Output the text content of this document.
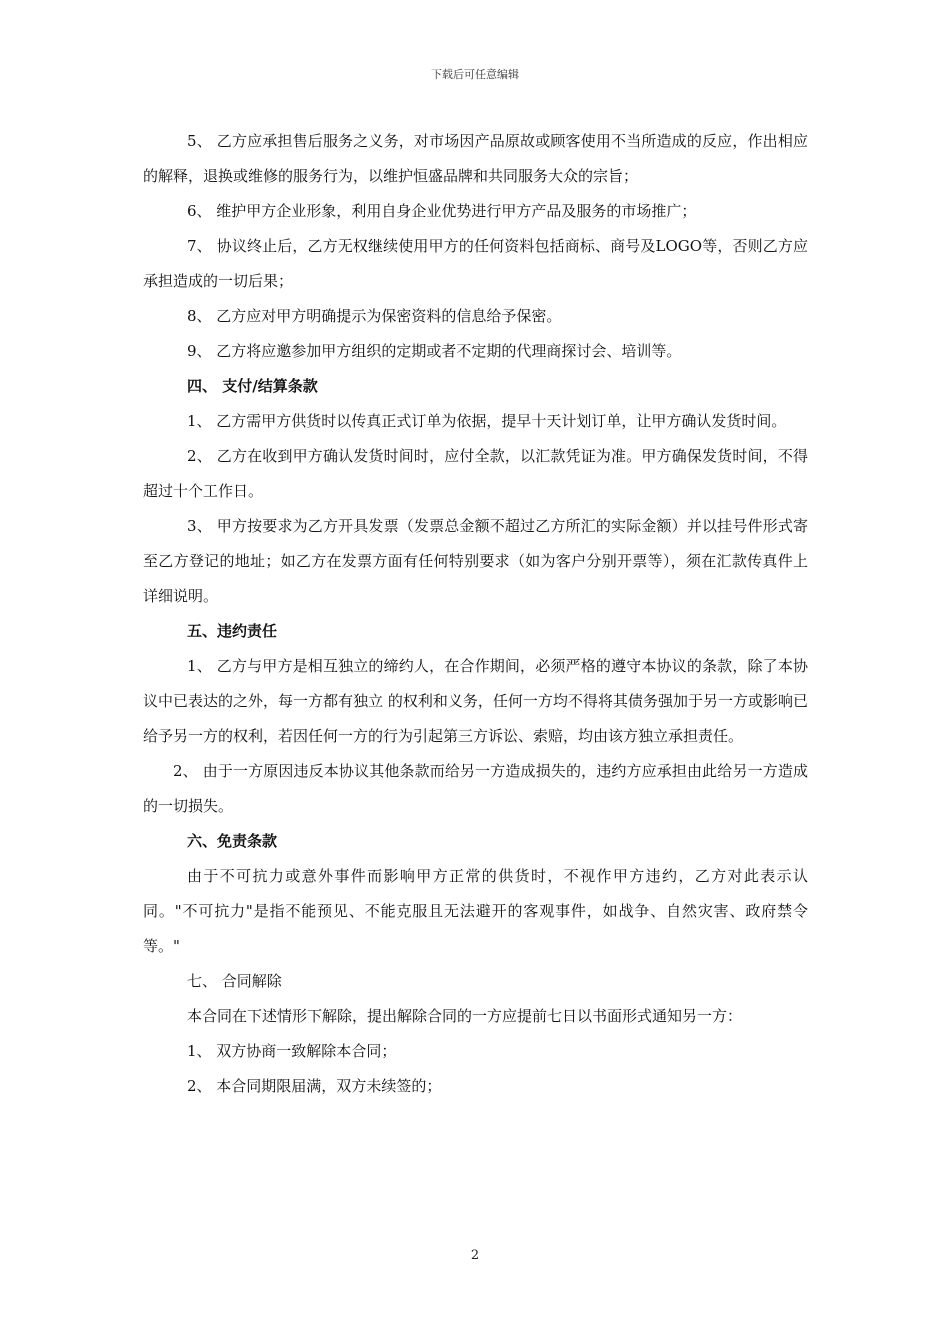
下载后可任意编辑

5、 乙方应承担售后服务之义务，对市场因产品原故或顾客使用不当所造成的反应，作出相应的解释，退换或维修的服务行为，以维护恒盛品牌和共同服务大众的宗旨；

6、 维护甲方企业形象，利用自身企业优势进行甲方产品及服务的市场推广；

7、 协议终止后，乙方无权继续使用甲方的任何资料包括商标、商号及LOGO等，否则乙方应承担造成的一切后果；

8、 乙方应对甲方明确提示为保密资料的信息给予保密。

9、 乙方将应邀参加甲方组织的定期或者不定期的代理商探讨会、培训等。

四、 支付/结算条款

1、 乙方需甲方供货时以传真正式订单为依据，提早十天计划订单，让甲方确认发货时间。

2、 乙方在收到甲方确认发货时间时，应付全款，以汇款凭证为准。甲方确保发货时间，不得超过十个工作日。

3、 甲方按要求为乙方开具发票（发票总金额不超过乙方所汇的实际金额）并以挂号件形式寄至乙方登记的地址；如乙方在发票方面有任何特别要求（如为客户分别开票等），须在汇款传真件上详细说明。

五、违约责任

1、 乙方与甲方是相互独立的缔约人，在合作期间，必须严格的遵守本协议的条款，除了本协议中已表达的之外，每一方都有独立 的权利和义务，任何一方均不得将其债务强加于另一方或影响已给予另一方的权利，若因任何一方的行为引起第三方诉讼、索赔，均由该方独立承担责任。

2、 由于一方原因违反本协议其他条款而给另一方造成损失的，违约方应承担由此给另一方造成的一切损失。

六、免责条款

由于不可抗力或意外事件而影响甲方正常的供货时，不视作甲方违约，乙方对此表示认同。"不可抗力"是指不能预见、不能克服且无法避开的客观事件，如战争、自然灾害、政府禁令等。"

七、 合同解除

本合同在下述情形下解除，提出解除合同的一方应提前七日以书面形式通知另一方：

1、 双方协商一致解除本合同；

2、 本合同期限届满，双方未续签的；

2
